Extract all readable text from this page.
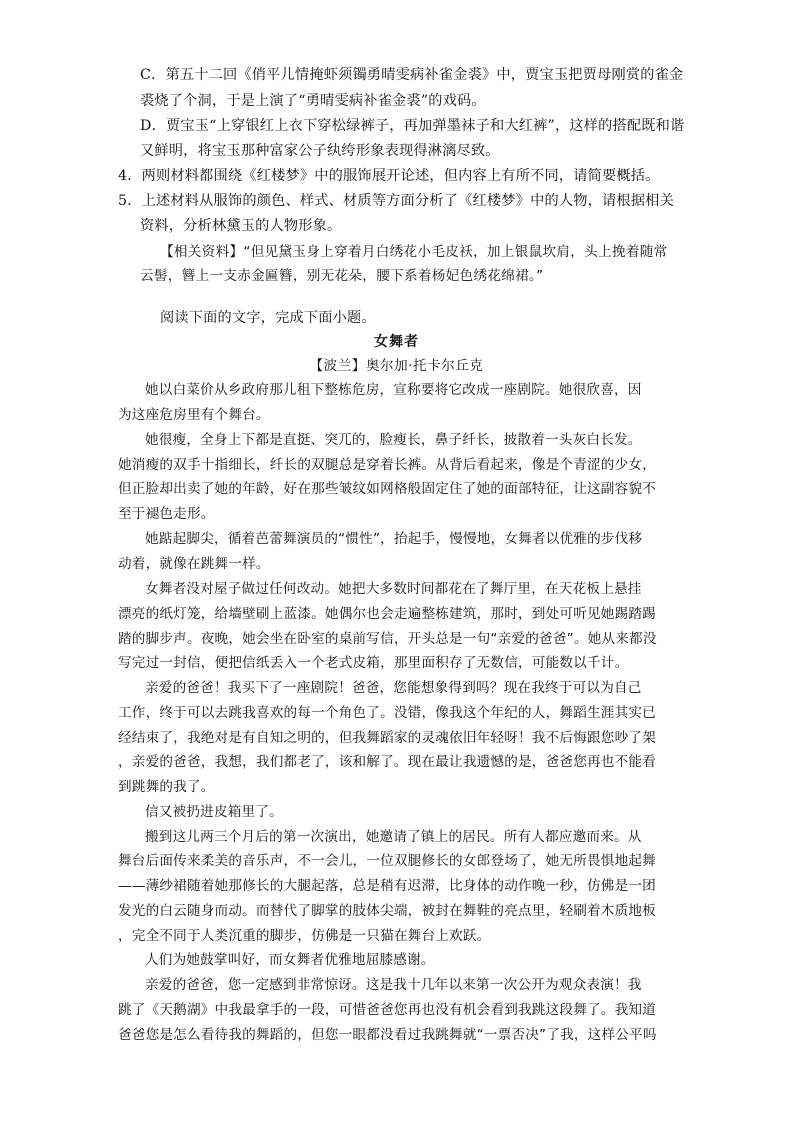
C．第五十二回《俏平儿情掩虾须镯勇晴雯病补雀金裘》中，贾宝玉把贾母刚赏的雀金
裘烧了个洞，于是上演了“勇晴雯病补雀金裘”的戏码。
D．贾宝玉“上穿银红上衣下穿松绿裤子，再加弹墨袜子和大红裤”，这样的搭配既和谐
又鲜明，将宝玉那种富家公子纨绔形象表现得淋漓尽致。
4．两则材料都围绕《红楼梦》中的服饰展开论述，但内容上有所不同，请简要概括。
5．上述材料从服饰的颜色、样式、材质等方面分析了《红楼梦》中的人物，请根据相关
资料，分析林黛玉的人物形象。
【相关资料】“但见黛玉身上穿着月白绣花小毛皮袄，加上银鼠坎肩，头上挽着随常
云髻，簪上一支赤金匾簪，别无花朵，腰下系着杨妃色绣花绵裙。”
阅读下面的文字，完成下面小题。
女舞者
【波兰】奥尔加·托卡尔丘克
她以白菜价从乡政府那儿租下整栋危房，宣称要将它改成一座剧院。她很欣喜，因
为这座危房里有个舞台。
她很瘦，全身上下都是直挺、突兀的，脸瘦长，鼻子纤长，披散着一头灰白长发。
她消瘦的双手十指细长，纤长的双腿总是穿着长裤。从背后看起来，像是个青涩的少女，
但正脸却出卖了她的年龄，好在那些皱纹如网格般固定住了她的面部特征，让这副容貌不
至于褪色走形。
她踮起脚尖，循着芭蕾舞演员的“惯性”，抬起手，慢慢地，女舞者以优雅的步伐移
动着，就像在跳舞一样。
女舞者没对屋子做过任何改动。她把大多数时间都花在了舞厅里，在天花板上悬挂
漂亮的纸灯笼，给墙壁刷上蓝漆。她偶尔也会走遍整栋建筑，那时，到处可听见她踢踏踢
踏的脚步声。夜晚，她会坐在卧室的桌前写信，开头总是一句“亲爱的爸爸”。她从来都没
写完过一封信，便把信纸丢入一个老式皮箱，那里面积存了无数信，可能数以千计。
亲爱的爸爸！我买下了一座剧院！爸爸，您能想象得到吗？现在我终于可以为自己
工作，终于可以去跳我喜欢的每一个角色了。没错，像我这个年纪的人，舞蹈生涯其实已
经结束了，我绝对是有自知之明的，但我舞蹈家的灵魂依旧年轻呀！我不后悔跟您吵了架
，亲爱的爸爸，我想，我们都老了，该和解了。现在最让我遗憾的是，爸爸您再也不能看
到跳舞的我了。
信又被扔进皮箱里了。
搬到这儿两三个月后的第一次演出，她邀请了镇上的居民。所有人都应邀而来。从
舞台后面传来柔美的音乐声，不一会儿，一位双腿修长的女郎登场了，她无所畏惧地起舞
——薄纱裙随着她那修长的大腿起落，总是稍有迟滞，比身体的动作晚一秒，仿佛是一团
发光的白云随身而动。而替代了脚掌的肢体尖端，被封在舞鞋的亮点里，轻刷着木质地板
，完全不同于人类沉重的脚步，仿佛是一只猫在舞台上欢跃。
人们为她鼓掌叫好，而女舞者优雅地屈膝感谢。
亲爱的爸爸，您一定感到非常惊讶。这是我十几年以来第一次公开为观众表演！我
跳了《天鹅湖》中我最拿手的一段，可惜爸爸您再也没有机会看到我跳这段舞了。我知道
爸爸您是怎么看待我的舞蹈的，但您一眼都没看过我跳舞就“一票否决”了我，这样公平吗
